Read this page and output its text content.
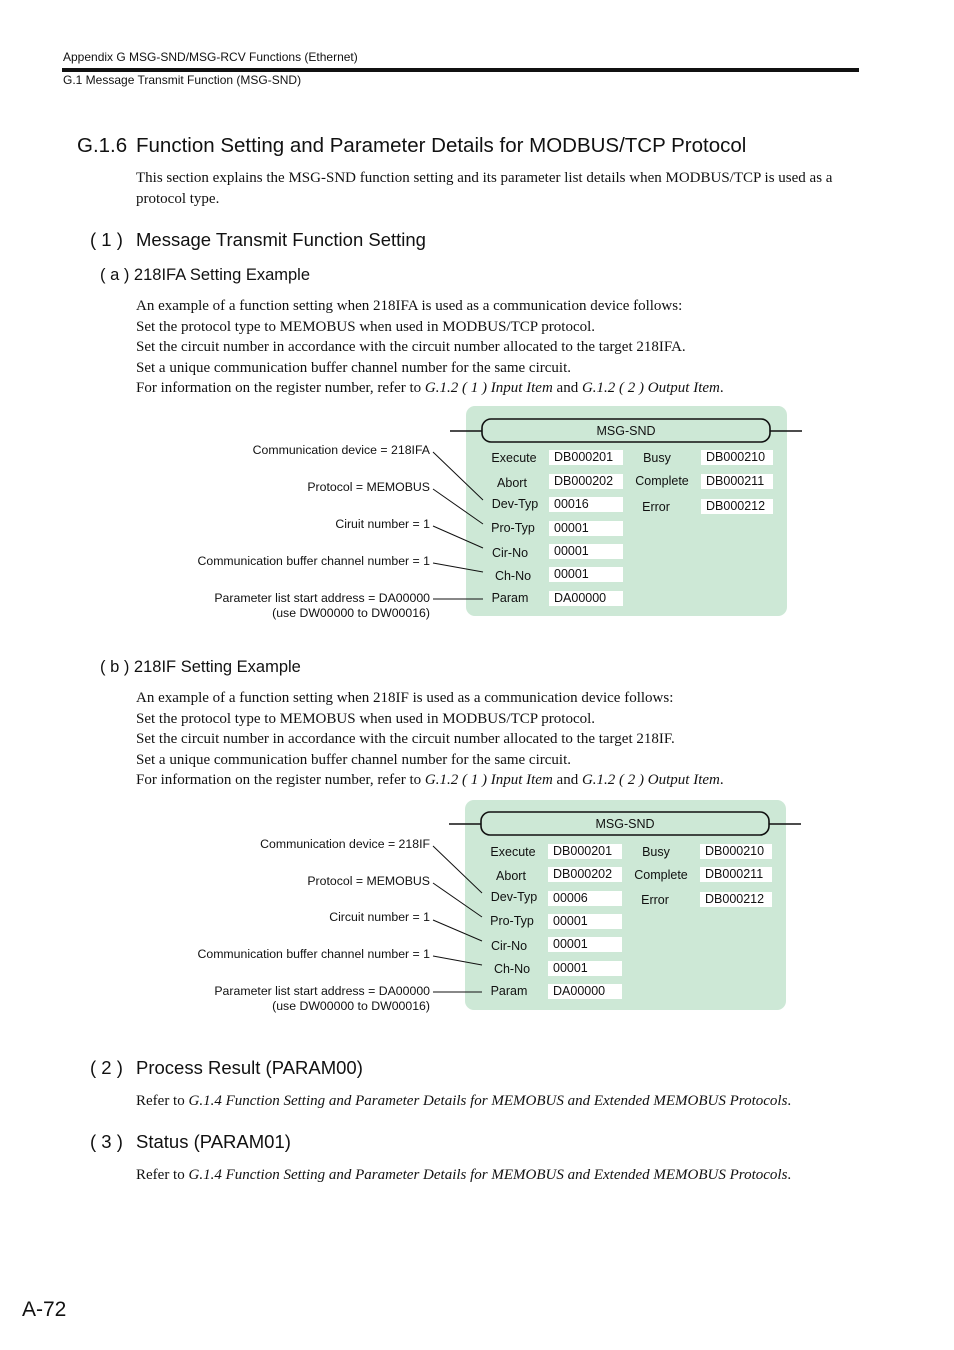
Appendix G MSG-SND/MSG-RCV Functions (Ethernet)
G.1 Message Transmit Function (MSG-SND)
G.1.6 Function Setting and Parameter Details for MODBUS/TCP Protocol
This section explains the MSG-SND function setting and its parameter list details when MODBUS/TCP is used as a protocol type.
( 1 ) Message Transmit Function Setting
( a ) 218IFA Setting Example
An example of a function setting when 218IFA is used as a communication device follows:
Set the protocol type to MEMOBUS when used in MODBUS/TCP protocol.
Set the circuit number in accordance with the circuit number allocated to the target 218IFA.
Set a unique communication buffer channel number for the same circuit.
For information on the register number, refer to G.1.2 ( 1 ) Input Item and G.1.2 ( 2 ) Output Item.
MSG-SND
Communication device = 218IFA
Protocol = MEMOBUS
Ciruit number = 1
Communication buffer channel number = 1
Parameter list start address = DA00000
(use DW00000 to DW00016)
Execute
Abort
Dev-Typ
Pro-Typ
Cir-No
Ch-No
Param
DB000201
DB000202
00016
00001
00001
00001
DA00000
Busy
Complete
Error
DB000210
DB000211
DB000212
( b ) 218IF Setting Example
An example of a function setting when 218IF is used as a communication device follows:
Set the protocol type to MEMOBUS when used in MODBUS/TCP protocol.
Set the circuit number in accordance with the circuit number allocated to the target 218IF.
Set a unique communication buffer channel number for the same circuit.
For information on the register number, refer to G.1.2 ( 1 ) Input Item and G.1.2 ( 2 ) Output Item.
MSG-SND
Communication device = 218IF
Protocol = MEMOBUS
Circuit number = 1
Communication buffer channel number = 1
Parameter list start address = DA00000
(use DW00000 to DW00016)
Execute
Abort
Dev-Typ
Pro-Typ
Cir-No
Ch-No
Param
DB000201
DB000202
00006
00001
00001
00001
DA00000
Busy
Complete
Error
DB000210
DB000211
DB000212
( 2 ) Process Result (PARAM00)
Refer to G.1.4 Function Setting and Parameter Details for MEMOBUS and Extended MEMOBUS Protocols.
( 3 ) Status (PARAM01)
Refer to G.1.4 Function Setting and Parameter Details for MEMOBUS and Extended MEMOBUS Protocols.
A-72
